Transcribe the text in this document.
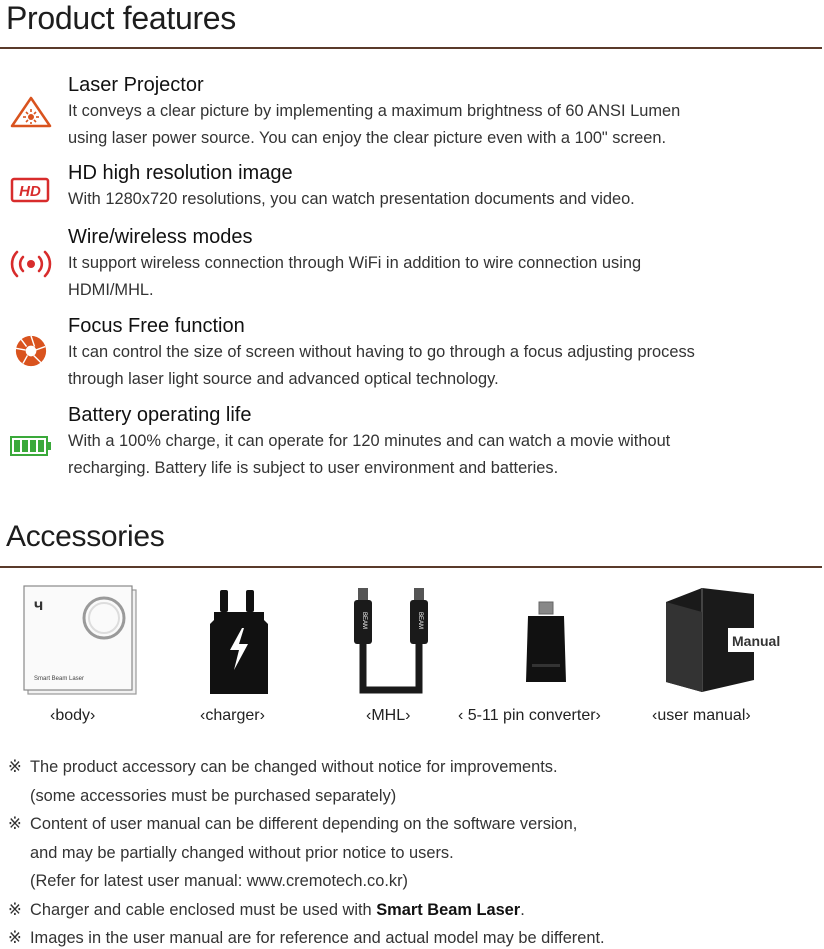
Product features
Laser Projector
It conveys a clear picture by implementing a maximum brightness of 60 ANSI Lumen
using laser power source. You can enjoy the clear picture even with a 100" screen.
HD
HD high resolution image
With 1280x720 resolutions, you can watch presentation documents and video.
Wire/wireless modes
It support wireless connection through WiFi in addition to wire connection using
HDMI/MHL.
Focus Free function
It can control the size of screen without having to go through a focus adjusting process
through laser light source and advanced optical technology.
Battery operating life
With a 100% charge, it can operate for 120 minutes and can watch a movie without
recharging. Battery life is subject to user environment and batteries.
Accessories
ч
Smart Beam Laser
‹body›	‹charger›
BEAM	BEAM
‹MHL›	‹ 5-11 pin converter›
Manual
‹user manual›
※ The product accessory can be changed without notice for improvements.
(some accessories must be purchased separately)
※ Content of user manual can be different depending on the software version,
and may be partially changed without prior notice to users.
(Refer for latest user manual: www.cremotech.co.kr)
※ Charger and cable enclosed must be used with Smart Beam Laser.
※ Images in the user manual are for reference and actual model may be different.
